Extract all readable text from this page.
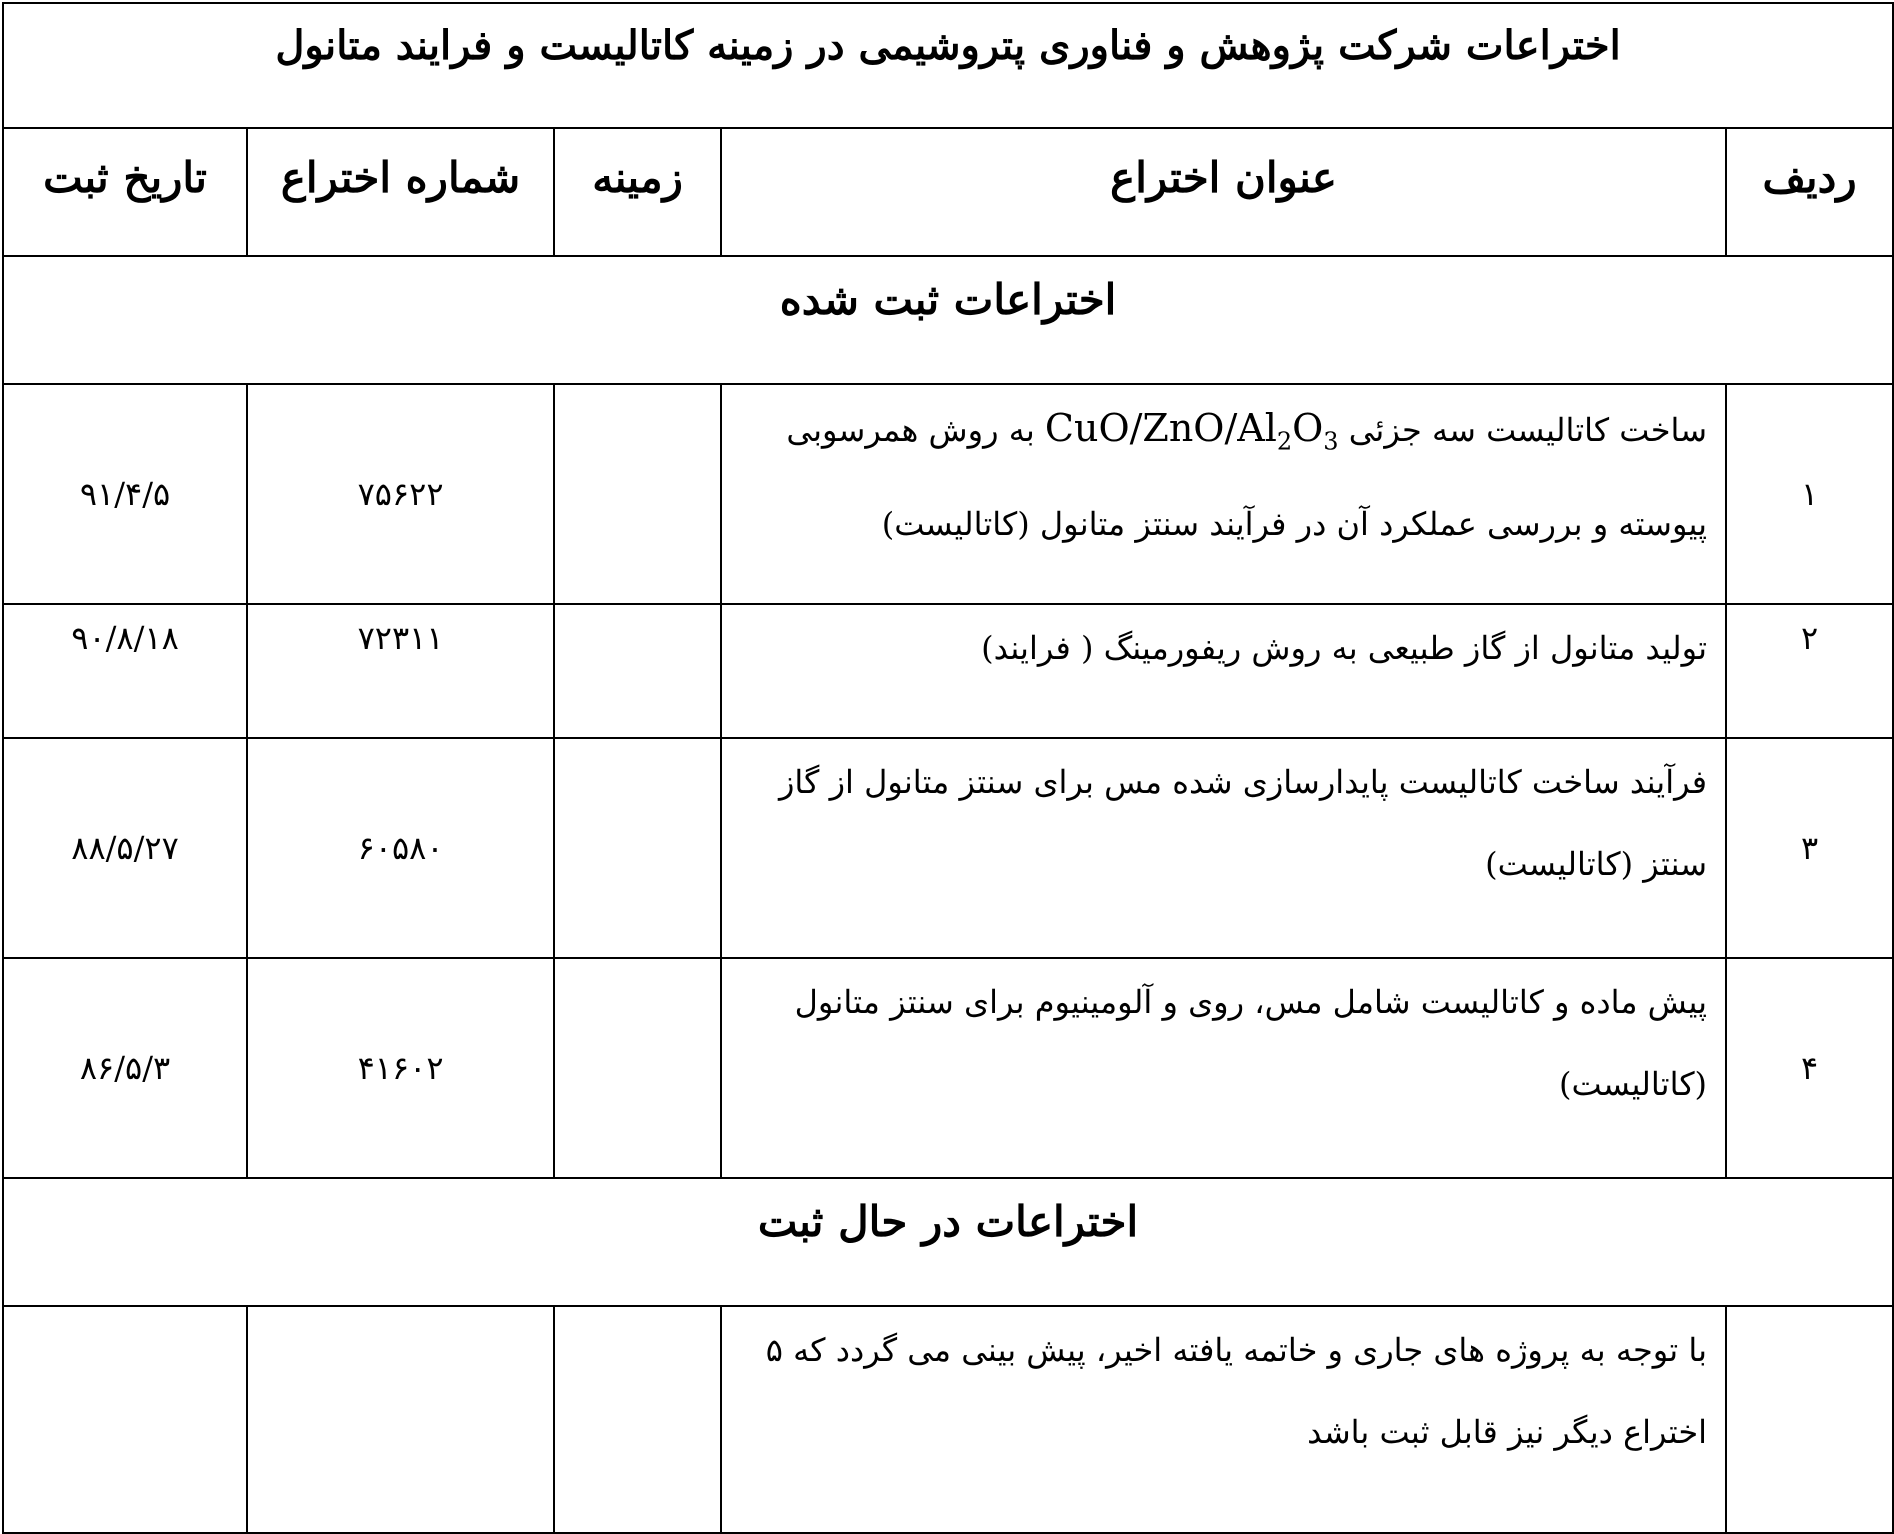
اختراعات شرکت پژوهش و فناوری پتروشیمی در زمینه کاتالیست و فرایند متانول				
ردیف	عنوان اختراع	زمینه	شماره اختراع	تاریخ ثبت
اختراعات ثبت شده				
۱	ساخت کاتالیست سه جزئی CuO/$ZnO/Al_2O_3$ به روش همرسوبی پیوسته و بررسی عملکرد آن در فرآیند سنتز متانول (کاتالیست)		۷۵۶۲۲	۹۱/۴/۵
۲	تولید متانول از گاز طبیعی به روش ریفورمینگ ( فرایند)		۷۲۳۱۱	۹۰/۸/۱۸
۳	فرآیند ساخت کاتالیست پایدارسازی شده مس برای سنتز متانول از گاز سنتز (کاتالیست)		۶۰۵۸۰	۸۸/۵/۲۷
۴	پیش ماده و کاتالیست شامل مس، روی و آلومینیوم برای سنتز متانول (کاتالیست)		۴۱۶۰۲	۸۶/۵/۳
اختراعات در حال ثبت				
	با توجه به پروژه های جاری و خاتمه یافته اخیر، پیش بینی می گردد که ۵ اختراع دیگر نیز قابل ثبت باشد			
